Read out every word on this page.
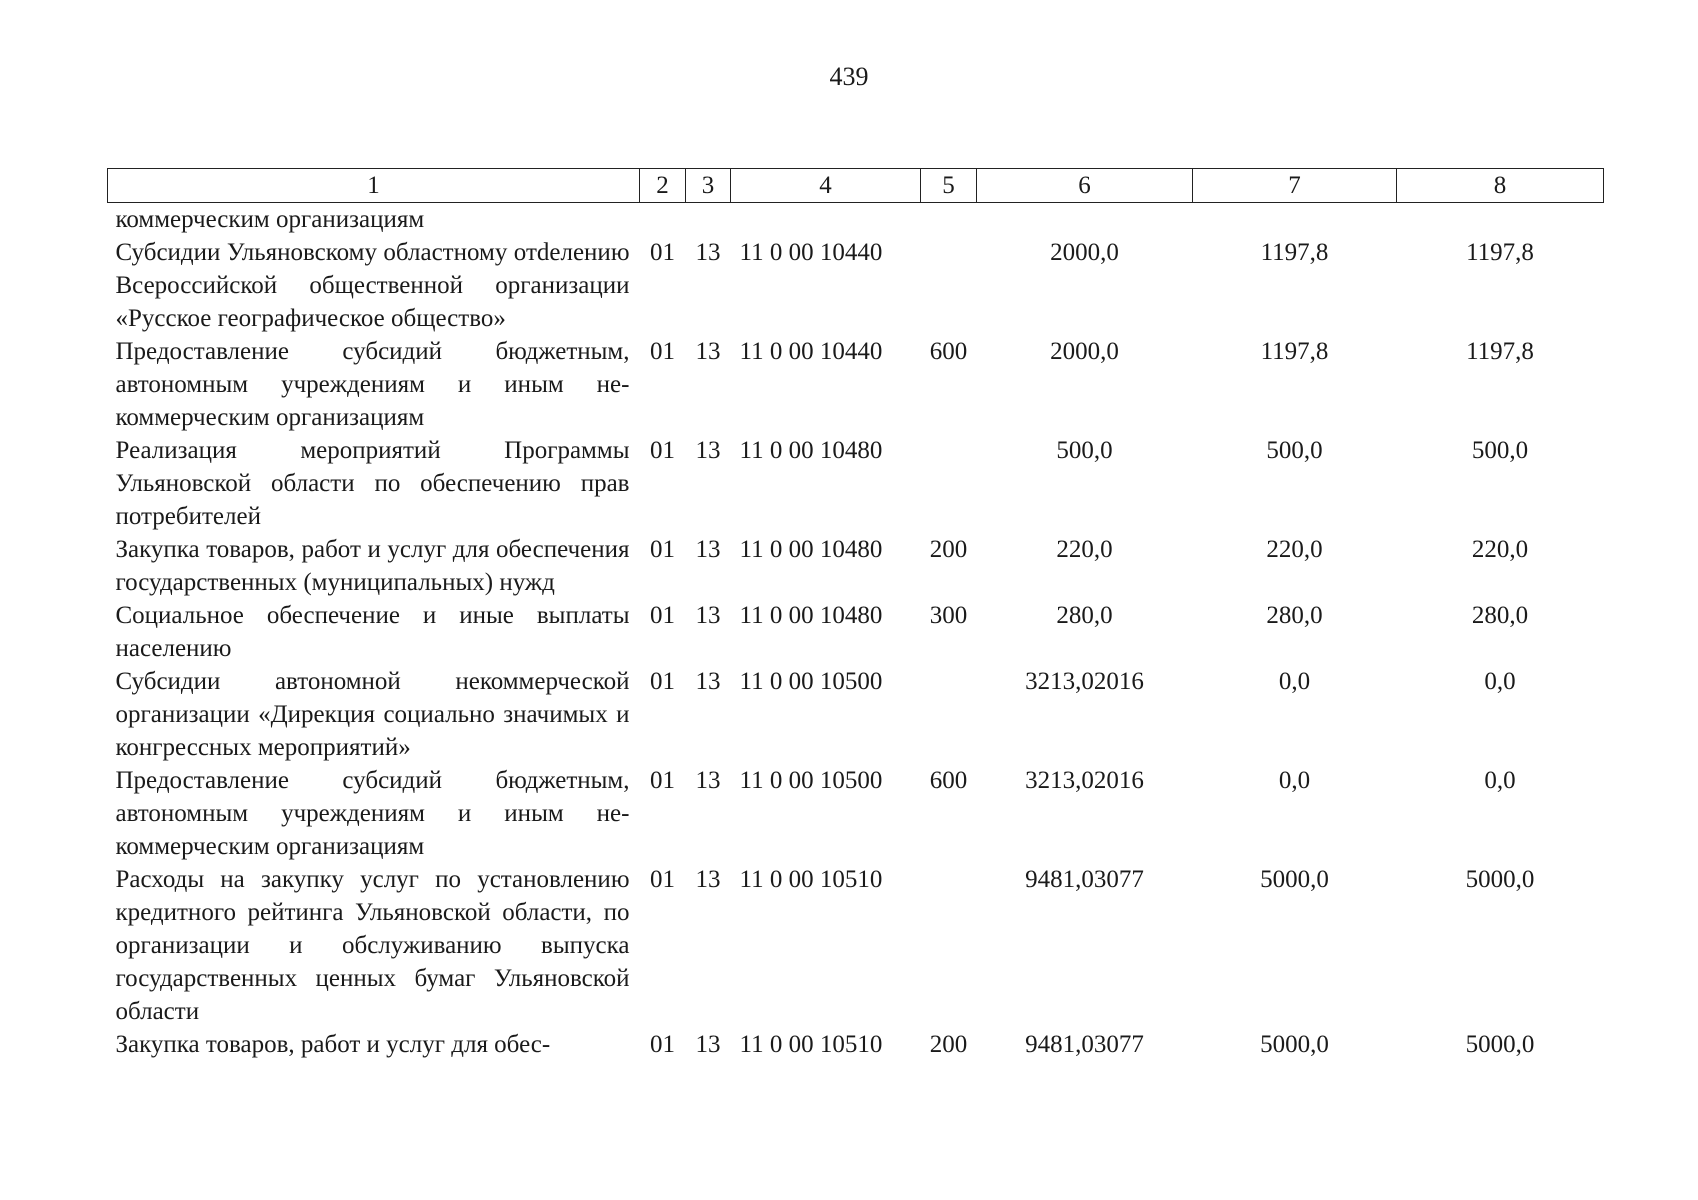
439
1	2	3	4	5	6	7	8
коммерческим организациям							
Субсидии Ульяновскому областному отdелению Всероссийской общественной организации «Русское географическое общество»	01	13	11 0 00 10440		2000,0	1197,8	1197,8
Предоставление субсидий бюджетным, автономным учреждениям и иным некоммерческим организациям	01	13	11 0 00 10440	600	2000,0	1197,8	1197,8
Реализация мероприятий Программы Ульяновской области по обеспечению прав потребителей	01	13	11 0 00 10480		500,0	500,0	500,0
Закупка товаров, работ и услуг для обеспечения государственных (муниципальных) нужд	01	13	11 0 00 10480	200	220,0	220,0	220,0
Социальное обеспечение и иные выплаты населению	01	13	11 0 00 10480	300	280,0	280,0	280,0
Субсидии автономной некоммерческой организации «Дирекция социально значимых и конгрессных мероприятий»	01	13	11 0 00 10500		3213,02016	0,0	0,0
Предоставление субсидий бюджетным, автономным учреждениям и иным некоммерческим организациям	01	13	11 0 00 10500	600	3213,02016	0,0	0,0
Расходы на закупку услуг по установлению кредитного рейтинга Ульяновской области, по организации и обслуживанию выпуска государственных ценных бумаг Ульяновской области	01	13	11 0 00 10510		9481,03077	5000,0	5000,0
Закупка товаров, работ и услуг для обес-	01	13	11 0 00 10510	200	9481,03077	5000,0	5000,0
